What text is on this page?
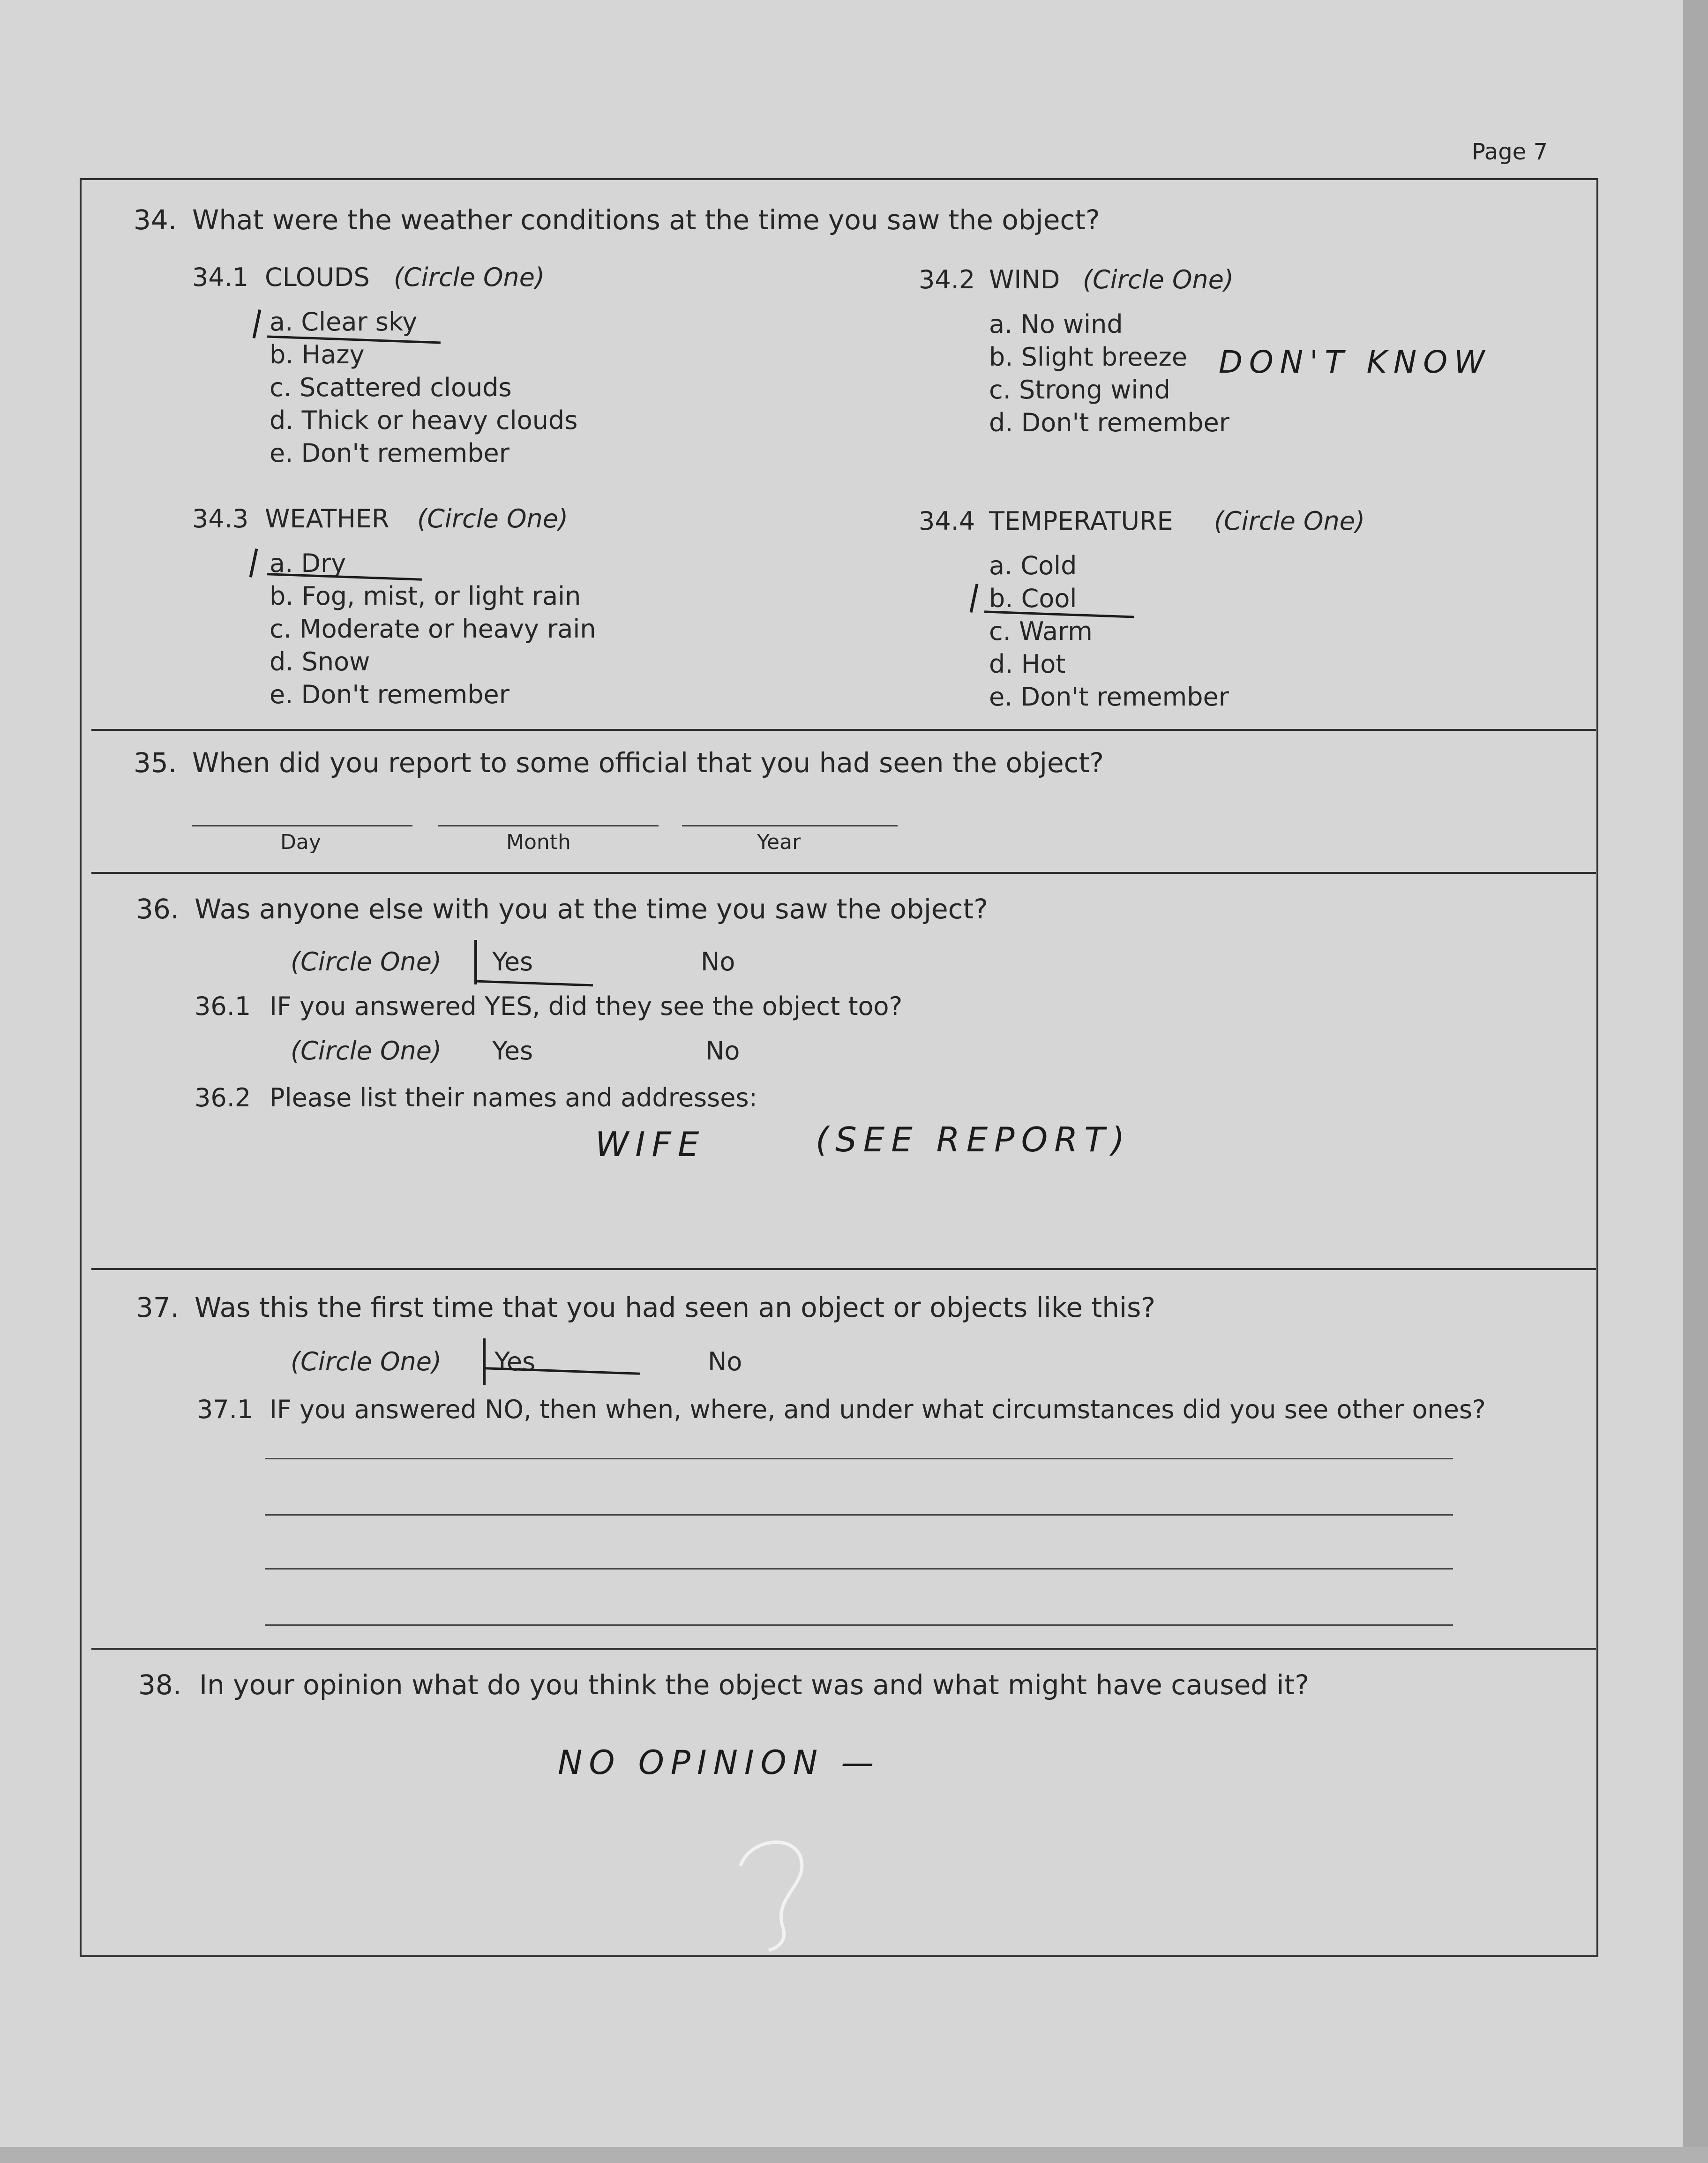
Page 7
34. What were the weather conditions at the time you saw the object?
34.1 CLOUDS (Circle One)
a. Clear sky
b. Hazy
c. Scattered clouds
d. Thick or heavy clouds
e. Don't remember
34.2 WIND (Circle One)
a. No wind
b. Slight breeze
c. Strong wind
d. Don't remember
DON'T KNOW
34.3 WEATHER (Circle One)
a. Dry
b. Fog, mist, or light rain
c. Moderate or heavy rain
d. Snow
e. Don't remember
34.4 TEMPERATURE (Circle One)
a. Cold
b. Cool
c. Warm
d. Hot
e. Don't remember
35. When did you report to some official that you had seen the object?
Day	Month	Year
36. Was anyone else with you at the time you saw the object?
(Circle One) Yes	No
36.1 IF you answered YES, did they see the object too?
(Circle One) Yes	No
36.2 Please list their names and addresses:
WIFE	(SEE REPORT)
37. Was this the first time that you had seen an object or objects like this?
(Circle One) Yes	No
37.1 IF you answered NO, then when, where, and under what circumstances did you see other ones?
38. In your opinion what do you think the object was and what might have caused it?
NO OPINION —
